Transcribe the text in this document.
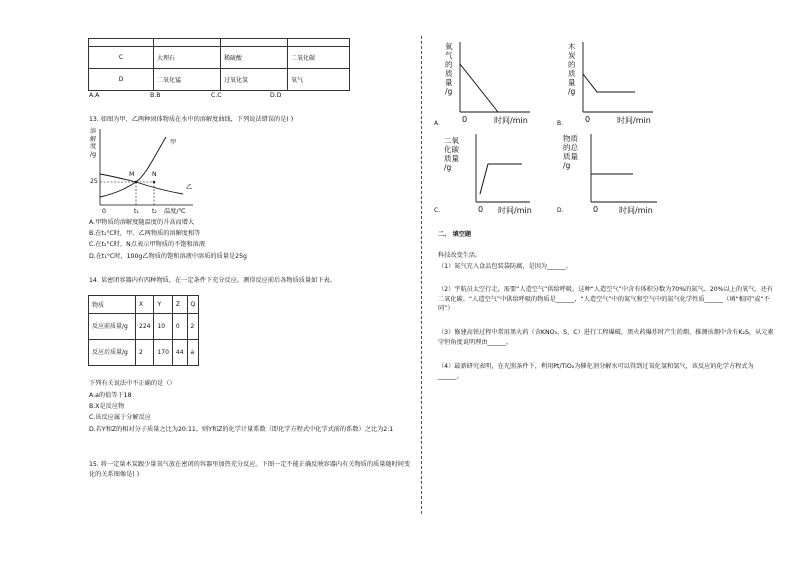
C	大理石	稀硫酸	二氧化碳
D	二氧化锰	过氧化氢	氧气
A.A	B.B	C.C	D.D
13. 如图为甲、乙两种固体物质在水中的溶解度曲线，下列说法错误的是( )
溶
解
度
/g
25
0	t₁ t₂ 温度/℃
甲
乙
M	N
A.甲物质的溶解度随温度的升高而增大
B.在t₁°C时，甲、乙两物质的溶解度相等
C.在t₂°C时，N点表示甲物质的不饱和溶液
D.在t₁°C时，100g乙物质的饱和溶液中溶质的质量是25g
14. 某密闭容器内有四种物质，在一定条件下充分反应。测得反应前后各物质质量如下表。
物质	X	Y	Z	Q
反应前质量/g	224	10	0	2
反应后质量/g	2	170	44	a
下列有关说法中不正确的是（）
A.a的值等于18
B.X是反应物
C.该反应属于分解反应
D.若Y和Z的相对分子质量之比为20:11，则Y和Z的化学计量系数（即化学方程式中化学式前的系数）之比为2:1
15. 将一定量木炭跟少量氧气放在密闭的容器里加热充分反应。下图一定不能正确反映容器内有关物质的质量随时间变化的关系图像是( )
氧
气
的
质
量
/g
0	时间/min
A.
木
炭
的
质
量
/g
0	时间/min
B.
二氧
化碳
质量
/g
0 时间/min
C.
物质
的总
质量
/g
0	时间/min
D.
二、 填空题
科技改变生活。
（1）氮气充入食品包装袋防腐，是因为______。
（2）宇航员太空行走，需要“人造空气”供给呼吸。这种“人造空气”中含有体积分数为70%的氮气、20%以上的氧气、还有二氧化碳。“人造空气”中供给呼吸的物质是______，“人造空气”中的氮气和空气中的氮气化学性质______（填“相同”或“不同”）
（3）修建高铁过程中常用黑火药（含KNO₃、S、C）进行工程爆破，黑火药爆炸时产生的烟，推测该烟中含有K₂S，从元素守恒角度说明理由______。
（4）最新研究表明，在光照条件下，利用Pt/TiO₂为催化剂分解水可以得到过氧化氢和氢气，该反应的化学方程式为______。
